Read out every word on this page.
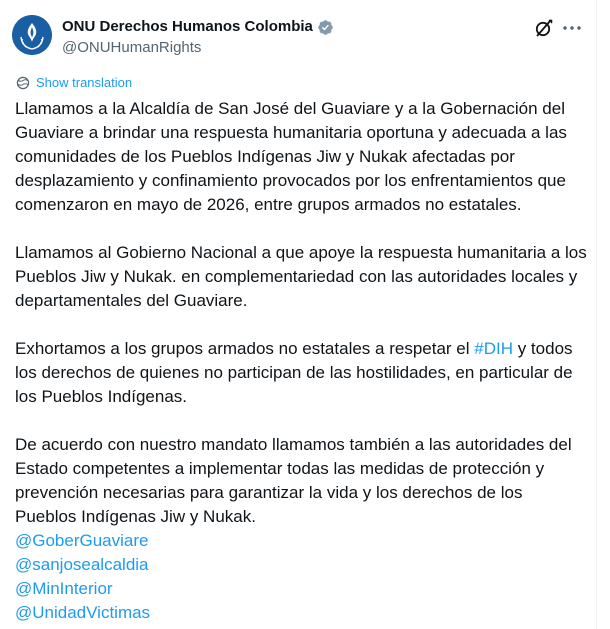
ONU Derechos Humanos Colombia
@ONUHumanRights
Show translation

Llamamos a la Alcaldía de San José del Guaviare y a la Gobernación del Guaviare a brindar una respuesta humanitaria oportuna y adecuada a las comunidades de los Pueblos Indígenas Jiw y Nukak afectadas por desplazamiento y confinamiento provocados por los enfrentamientos que comenzaron en mayo de 2026, entre grupos armados no estatales.

Llamamos al Gobierno Nacional a que apoye la respuesta humanitaria a los Pueblos Jiw y Nukak. en complementariedad con las autoridades locales y departamentales del Guaviare.

Exhortamos a los grupos armados no estatales a respetar el #DIH y todos los derechos de quienes no participan de las hostilidades, en particular de los Pueblos Indígenas.

De acuerdo con nuestro mandato llamamos también a las autoridades del Estado competentes a implementar todas las medidas de protección y prevención necesarias para garantizar la vida y los derechos de los Pueblos Indígenas Jiw y Nukak.

@GoberGuaviare
@sanjosealcaldia
@MinInterior
@UnidadVictimas
